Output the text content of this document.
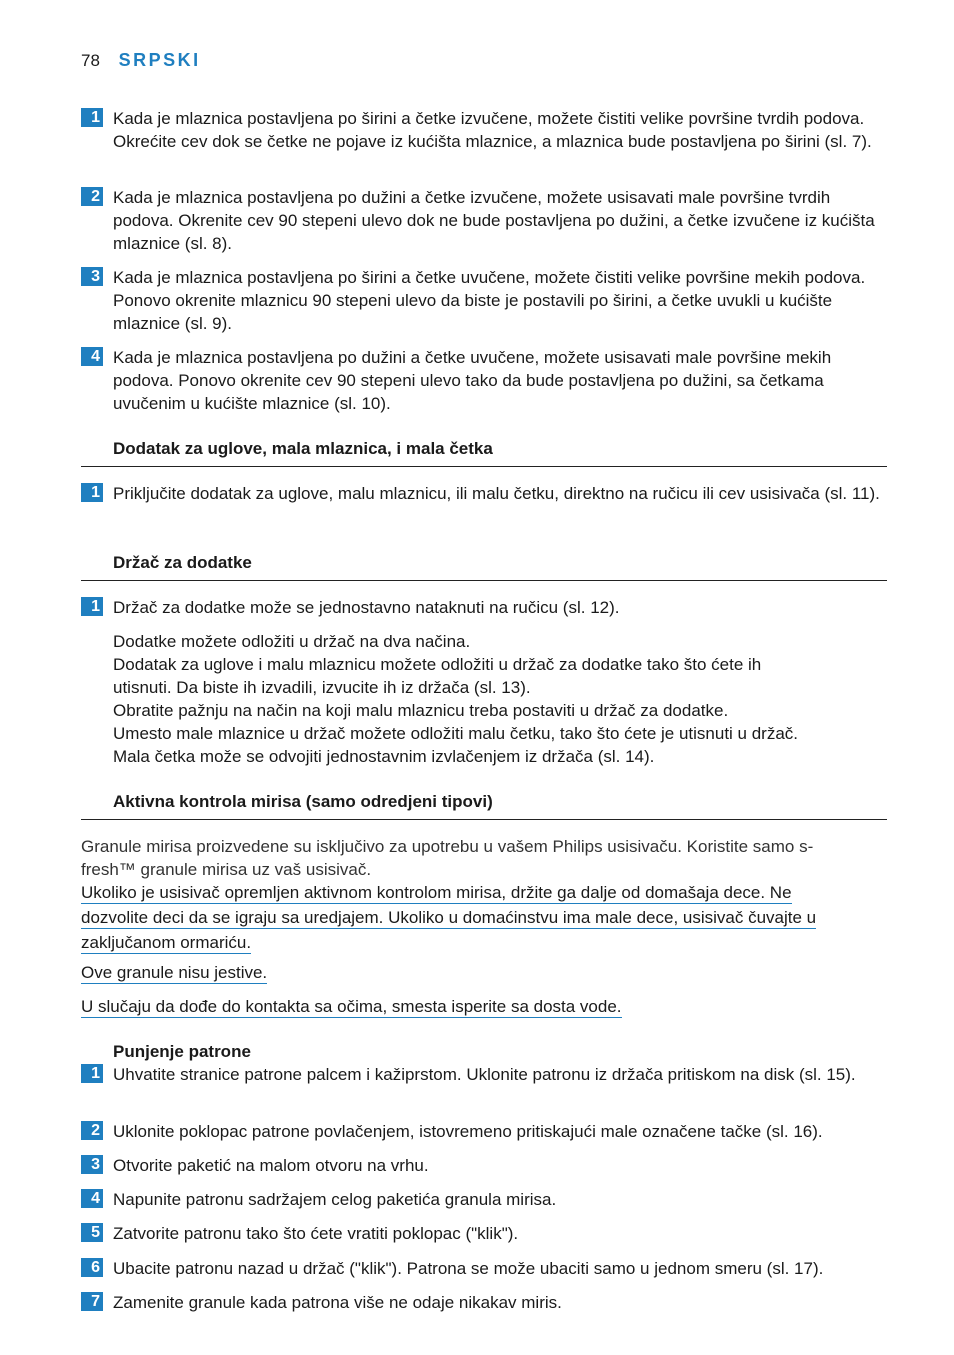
78 SRPSKI
1 Kada je mlaznica postavljena po širini a četke izvučene, možete čistiti velike površine tvrdih podova. Okrećite cev dok se četke ne pojave iz kućišta mlaznice, a mlaznica bude postavljena po širini (sl. 7).
2 Kada je mlaznica postavljena po dužini a četke izvučene, možete usisavati male površine tvrdih podova. Okrenite cev 90 stepeni ulevo dok ne bude postavljena po dužini, a četke izvučene iz kućišta mlaznice (sl. 8).
3 Kada je mlaznica postavljena po širini a četke uvučene, možete čistiti velike površine mekih podova. Ponovo okrenite mlaznicu 90 stepeni ulevo da biste je postavili po širini, a četke uvukli u kućište mlaznice (sl. 9).
4 Kada je mlaznica postavljena po dužini a četke uvučene, možete usisavati male površine mekih podova. Ponovo okrenite cev 90 stepeni ulevo tako da bude postavljena po dužini, sa četkama uvučenim u kućište mlaznice (sl. 10).
Dodatak za uglove, mala mlaznica, i mala četka
1 Priključite dodatak za uglove, malu mlaznicu, ili malu četku, direktno na ručicu ili cev usisivača (sl. 11).
Držač za dodatke
1 Držač za dodatke može se jednostavno nataknuti na ručicu (sl. 12).
Dodatke možete odložiti u držač na dva načina.
Dodatak za uglove i malu mlaznicu možete odložiti u držač za dodatke tako što ćete ih
utisnuti. Da biste ih izvadili, izvucite ih iz držača (sl. 13).
Obratite pažnju na način na koji malu mlaznicu treba postaviti u držač za dodatke.
Umesto male mlaznice u držač možete odložiti malu četku, tako što ćete je utisnuti u držač.
Mala četka može se odvojiti jednostavnim izvlačenjem iz držača (sl. 14).
Aktivna kontrola mirisa (samo odredjeni tipovi)
Granule mirisa proizvedene su isključivo za upotrebu u vašem Philips usisivaču. Koristite samo s-
fresh™ granule mirisa uz vaš usisivač.
Ukoliko je usisivač opremljen aktivnom kontrolom mirisa, držite ga dalje od domašaja dece. Ne
dozvolite deci da se igraju sa uredjajem. Ukoliko u domaćinstvu ima male dece, usisivač čuvajte u
zaključanom ormariću.
Ove granule nisu jestive.
U slučaju da dođe do kontakta sa očima, smesta isperite sa dosta vode.
Punjenje patrone
1 Uhvatite stranice patrone palcem i kažiprstom. Uklonite patronu iz držača pritiskom na disk (sl. 15).
2 Uklonite poklopac patrone povlačenjem, istovremeno pritiskajući male označene tačke (sl. 16).
3 Otvorite paketić na malom otvoru na vrhu.
4 Napunite patronu sadržajem celog paketića granula mirisa.
5 Zatvorite patronu tako što ćete vratiti poklopac ("klik").
6 Ubacite patronu nazad u držač ("klik"). Patrona se može ubaciti samo u jednom smeru (sl. 17).
7 Zamenite granule kada patrona više ne odaje nikakav miris.
